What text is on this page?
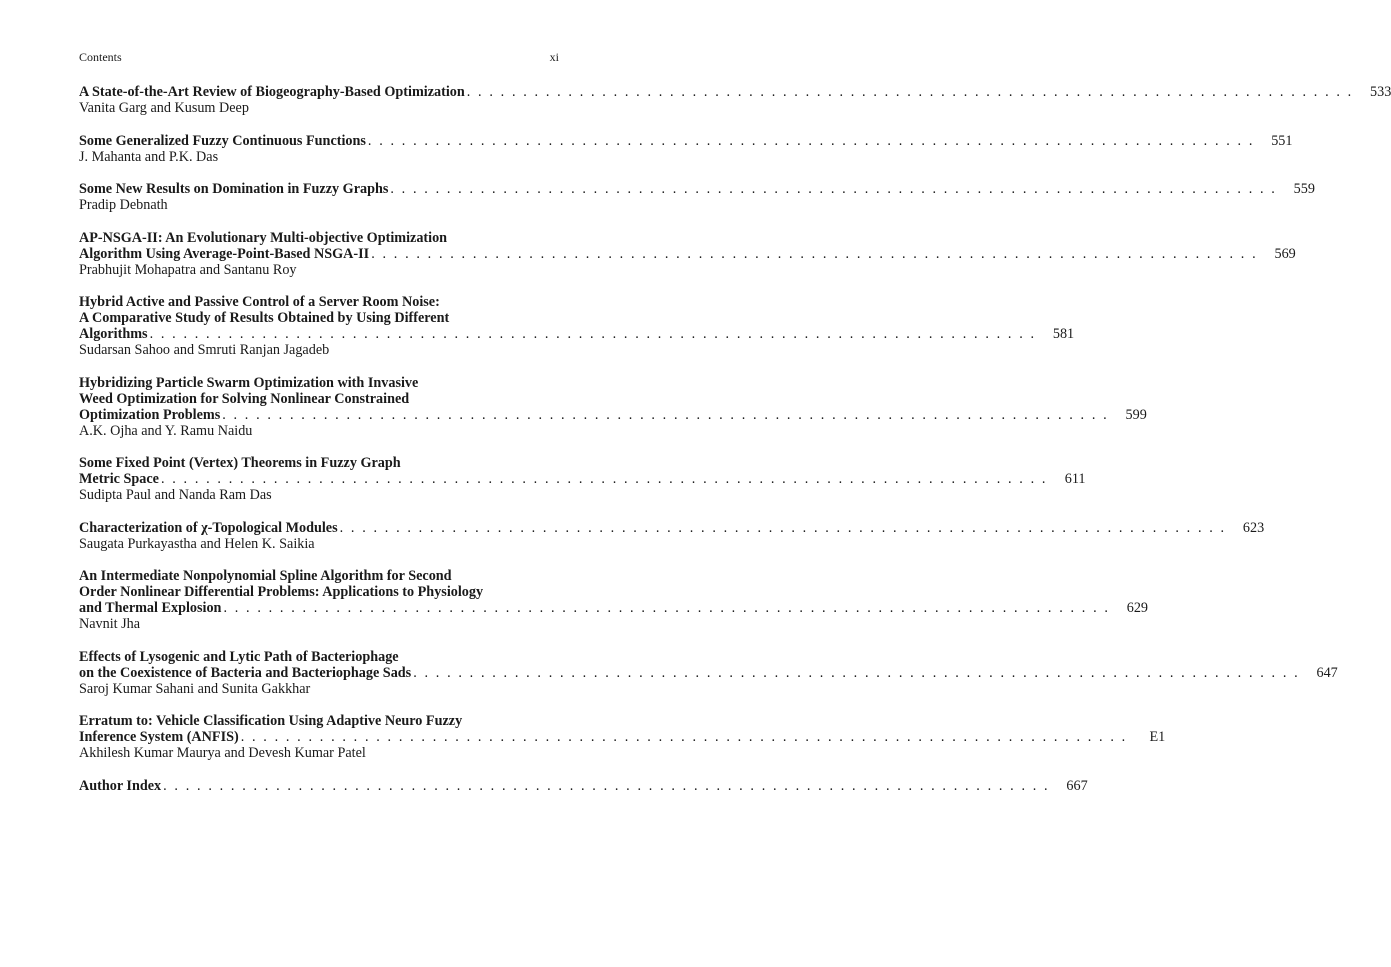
Contents	xi
A State-of-the-Art Review of Biogeography-Based Optimization . . . . . . . . . . . . . . . . . . . . . . . . . . . . . . . . . . . . . . . . . . . . . . . . . . . . . . . . . . . . . . . . . . . . . . . . . . . . . . .	533
Vanita Garg and Kusum Deep
Some Generalized Fuzzy Continuous Functions . . . . . . . . . . . . . . . . . . . . . . . . . . . . . . . . . . . . . . . . . . . . . . . . . . . . . . . . . . . . . . . . . . . . . . . . . . . . . . .	551
J. Mahanta and P.K. Das
Some New Results on Domination in Fuzzy Graphs . . . . . . . . . . . . . . . . . . . . . . . . . . . . . . . . . . . . . . . . . . . . . . . . . . . . . . . . . . . . . . . . . . . . . . . . . . . . . . .	559
Pradip Debnath
AP-NSGA-II: An Evolutionary Multi-objective Optimization
Algorithm Using Average-Point-Based NSGA-II . . . . . . . . . . . . . . . . . . . . . . . . . . . . . . . . . . . . . . . . . . . . . . . . . . . . . . . . . . . . . . . . . . . . . . . . . . . . . . .	569
Prabhujit Mohapatra and Santanu Roy
Hybrid Active and Passive Control of a Server Room Noise:
A Comparative Study of Results Obtained by Using Different
Algorithms . . . . . . . . . . . . . . . . . . . . . . . . . . . . . . . . . . . . . . . . . . . . . . . . . . . . . . . . . . . . . . . . . . . . . . . . . . . . . . .	581
Sudarsan Sahoo and Smruti Ranjan Jagadeb
Hybridizing Particle Swarm Optimization with Invasive
Weed Optimization for Solving Nonlinear Constrained
Optimization Problems . . . . . . . . . . . . . . . . . . . . . . . . . . . . . . . . . . . . . . . . . . . . . . . . . . . . . . . . . . . . . . . . . . . . . . . . . . . . . . .	599
A.K. Ojha and Y. Ramu Naidu
Some Fixed Point (Vertex) Theorems in Fuzzy Graph
Metric Space . . . . . . . . . . . . . . . . . . . . . . . . . . . . . . . . . . . . . . . . . . . . . . . . . . . . . . . . . . . . . . . . . . . . . . . . . . . . . . .	611
Sudipta Paul and Nanda Ram Das
Characterization of χ-Topological Modules . . . . . . . . . . . . . . . . . . . . . . . . . . . . . . . . . . . . . . . . . . . . . . . . . . . . . . . . . . . . . . . . . . . . . . . . . . . . . . .	623
Saugata Purkayastha and Helen K. Saikia
An Intermediate Nonpolynomial Spline Algorithm for Second
Order Nonlinear Differential Problems: Applications to Physiology
and Thermal Explosion . . . . . . . . . . . . . . . . . . . . . . . . . . . . . . . . . . . . . . . . . . . . . . . . . . . . . . . . . . . . . . . . . . . . . . . . . . . . . . .	629
Navnit Jha
Effects of Lysogenic and Lytic Path of Bacteriophage
on the Coexistence of Bacteria and Bacteriophage Sads . . . . . . . . . . . . . . . . . . . . . . . . . . . . . . . . . . . . . . . . . . . . . . . . . . . . . . . . . . . . . . . . . . . . . . . . . . . . . . .	647
Saroj Kumar Sahani and Sunita Gakkhar
Erratum to: Vehicle Classification Using Adaptive Neuro Fuzzy
Inference System (ANFIS) . . . . . . . . . . . . . . . . . . . . . . . . . . . . . . . . . . . . . . . . . . . . . . . . . . . . . . . . . . . . . . . . . . . . . . . . . . . . . . .	E1
Akhilesh Kumar Maurya and Devesh Kumar Patel
Author Index . . . . . . . . . . . . . . . . . . . . . . . . . . . . . . . . . . . . . . . . . . . . . . . . . . . . . . . . . . . . . . . . . . . . . . . . . . . . . . .	667
